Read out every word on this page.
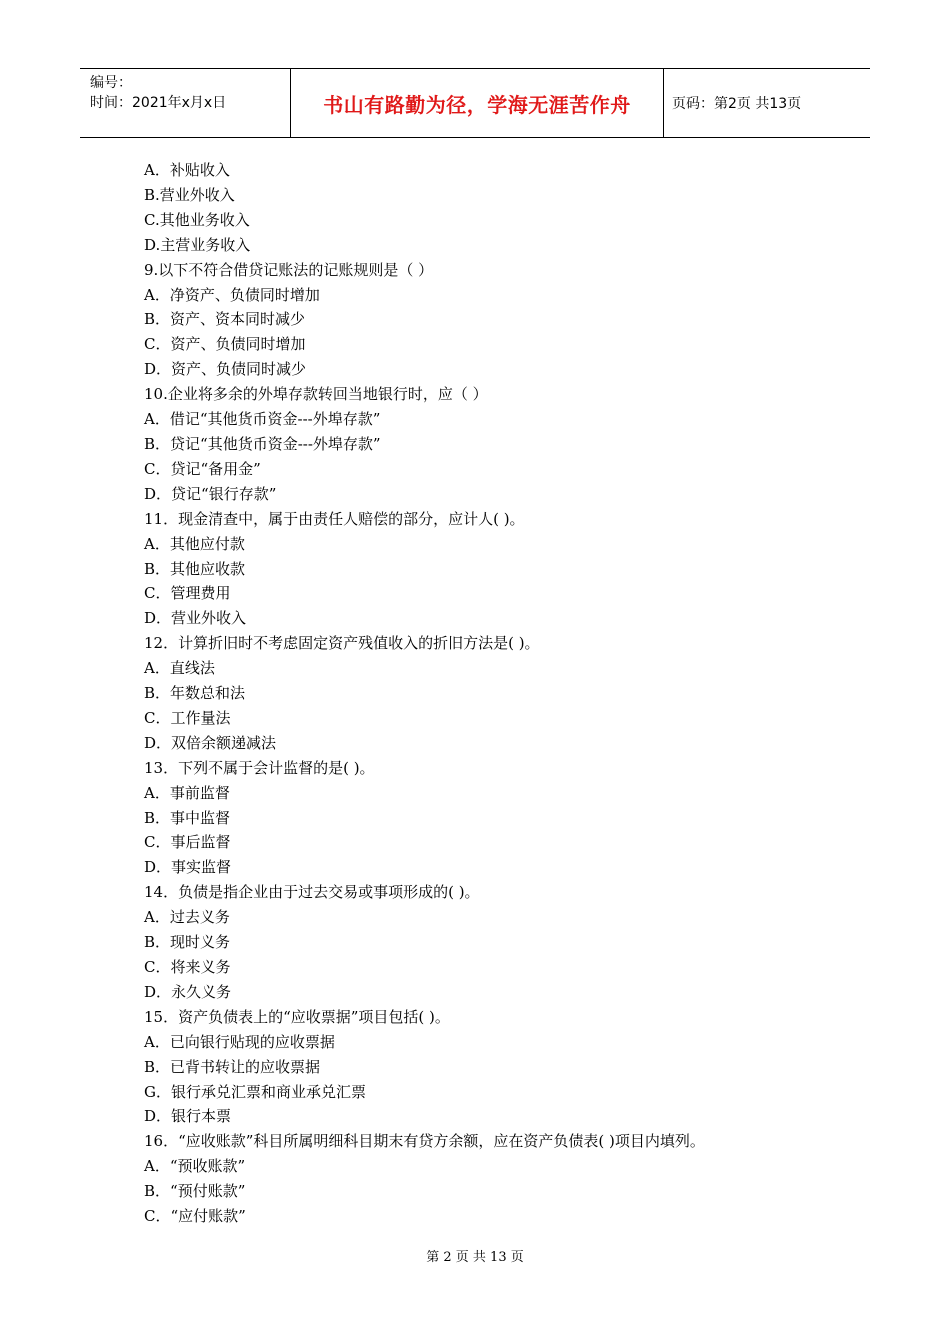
编号：
时间：2021年x月x日	书山有路勤为径，学海无涯苦作舟	页码：第2页 共13页
A．补贴收入
B.营业外收入
C.其他业务收入
D.主营业务收入
9.以下不符合借贷记账法的记账规则是（ ）
A．净资产、负债同时增加
B．资产、资本同时减少
C．资产、负债同时增加
D．资产、负债同时减少
10.企业将多余的外埠存款转回当地银行时，应（ ）
A．借记“其他货币资金---外埠存款”
B．贷记“其他货币资金---外埠存款”
C．贷记“备用金”
D．贷记“银行存款”
11．现金清查中，属于由责任人赔偿的部分，应计人( )。
A．其他应付款
B．其他应收款
C．管理费用
D．营业外收入
12．计算折旧时不考虑固定资产残值收入的折旧方法是( )。
A．直线法
B．年数总和法
C．工作量法
D．双倍余额递减法
13．下列不属于会计监督的是( )。
A．事前监督
B．事中监督
C．事后监督
D．事实监督
14．负债是指企业由于过去交易或事项形成的( )。
A．过去义务
B．现时义务
C．将来义务
D．永久义务
15．资产负债表上的“应收票据”项目包括( )。
A．已向银行贴现的应收票据
B．已背书转让的应收票据
G．银行承兑汇票和商业承兑汇票
D．银行本票
16．“应收账款”科目所属明细科目期末有贷方余额，应在资产负债表( )项目内填列。
A．“预收账款”
B．“预付账款”
C．“应付账款”
第 2 页 共 13 页
